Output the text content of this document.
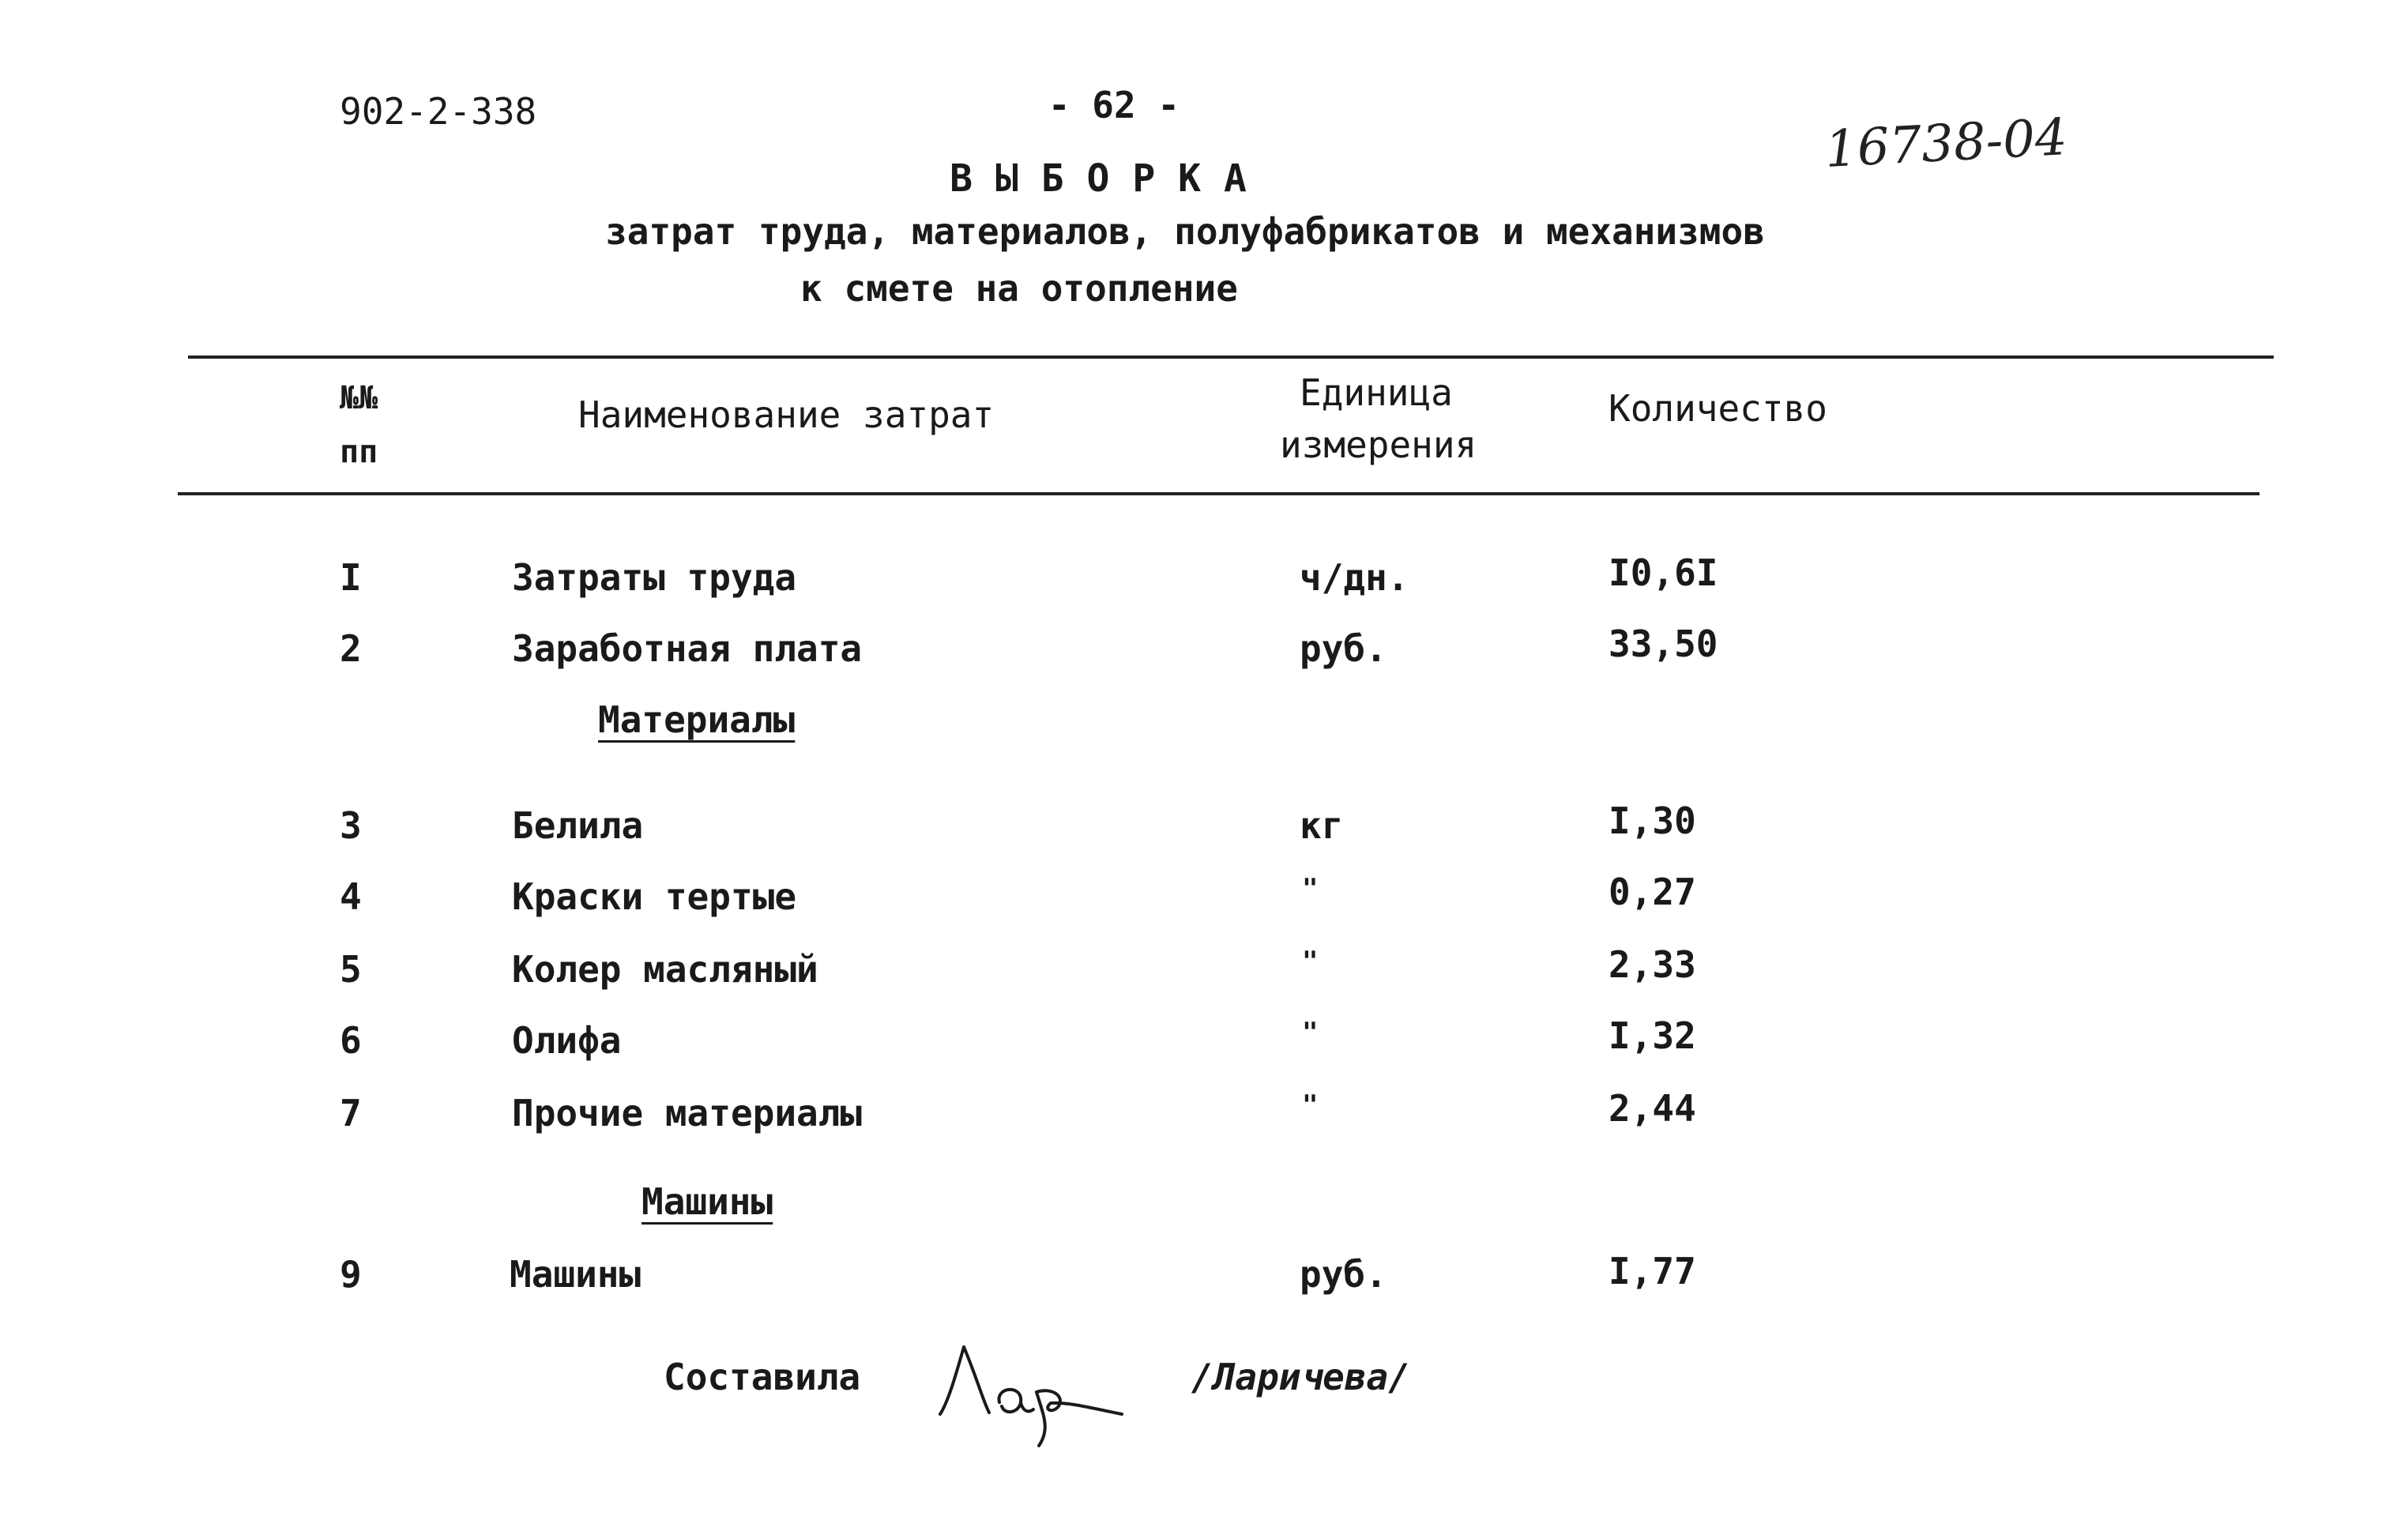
902-2-338	- 62 -
16738-04
В Ы Б О Р К А
затрат труда, материалов, полуфабрикатов и механизмов
к смете на отопление
№№
пп
Наименование затрат
Единица
измерения
Количество
I	Затраты труда	ч/дн.	I0,6I
2	Заработная плата	руб.	33,50
Материалы
3	Белила	кг	I,30
4	Краски тертые	"	0,27
5	Колер масляный	"	2,33
6	Олифа	"	I,32
7	Прочие материалы	"	2,44
Машины
9	Машины	руб.	I,77
Составила	/Ларичева/
